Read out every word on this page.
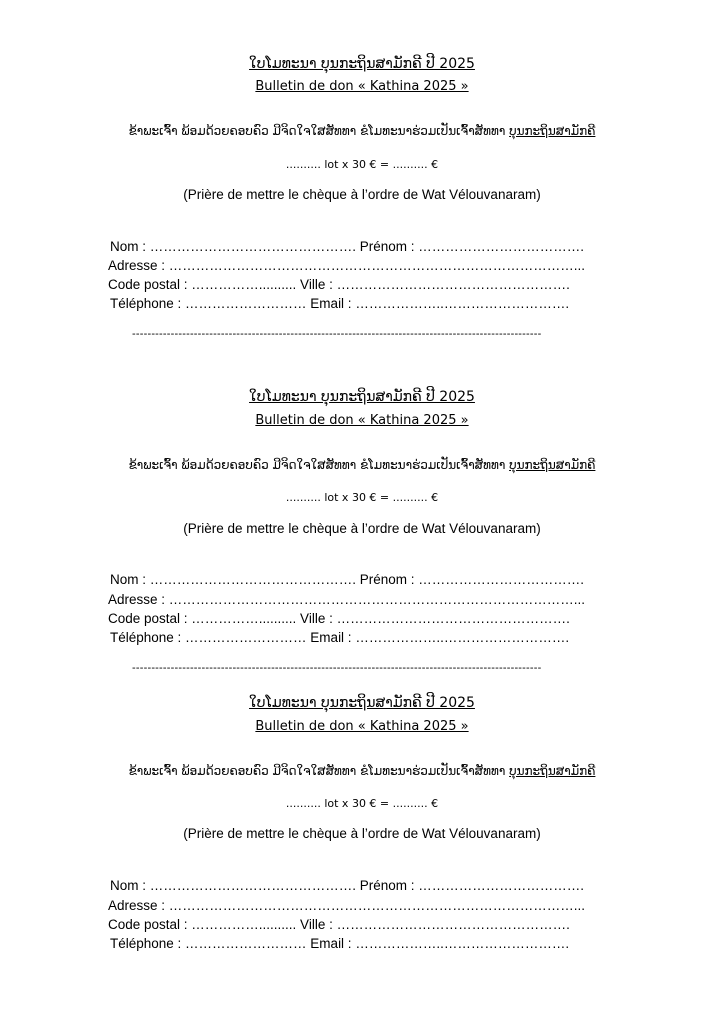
ໃບໂມທະນາ ບຸນກະຖິນສາມັກຄີ ປີ 2025
Bulletin de don « Kathina 2025 »
ຂ້າພະເຈົ້າ ພ້ອມດ້ວຍຄອບຄົວ ມີຈິດໃຈໃສສັທທາ ຂໍໂມທະນາຮ່ວມເປັນເຈົ້າສັທທາ ບຸນກະຖິນສາມັກຄີ
.......... lot x 30 € = .......... €
(Prière de mettre le chèque à l’ordre de Wat Vélouvanaram)
Nom : ………………………………………. Prénom : ……………………………….
Adresse : ………………………………………………………………………………...
Code postal : …………….......... Ville : …………………………………………….
Téléphone : ……………………… Email : ………………..……………………….
----------------------------------------------------------------------------------------------------------
ໃບໂມທະນາ ບຸນກະຖິນສາມັກຄີ ປີ 2025
Bulletin de don « Kathina 2025 »
ຂ້າພະເຈົ້າ ພ້ອມດ້ວຍຄອບຄົວ ມີຈິດໃຈໃສສັທທາ ຂໍໂມທະນາຮ່ວມເປັນເຈົ້າສັທທາ ບຸນກະຖິນສາມັກຄີ
.......... lot x 30 € = .......... €
(Prière de mettre le chèque à l’ordre de Wat Vélouvanaram)
Nom : ………………………………………. Prénom : ……………………………….
Adresse : ………………………………………………………………………………...
Code postal : …………….......... Ville : …………………………………………….
Téléphone : ……………………… Email : ………………..……………………….
----------------------------------------------------------------------------------------------------------
ໃບໂມທະນາ ບຸນກະຖິນສາມັກຄີ ປີ 2025
Bulletin de don « Kathina 2025 »
ຂ້າພະເຈົ້າ ພ້ອມດ້ວຍຄອບຄົວ ມີຈິດໃຈໃສສັທທາ ຂໍໂມທະນາຮ່ວມເປັນເຈົ້າສັທທາ ບຸນກະຖິນສາມັກຄີ
.......... lot x 30 € = .......... €
(Prière de mettre le chèque à l’ordre de Wat Vélouvanaram)
Nom : ………………………………………. Prénom : ……………………………….
Adresse : ………………………………………………………………………………...
Code postal : …………….......... Ville : …………………………………………….
Téléphone : ……………………… Email : ………………..……………………….
